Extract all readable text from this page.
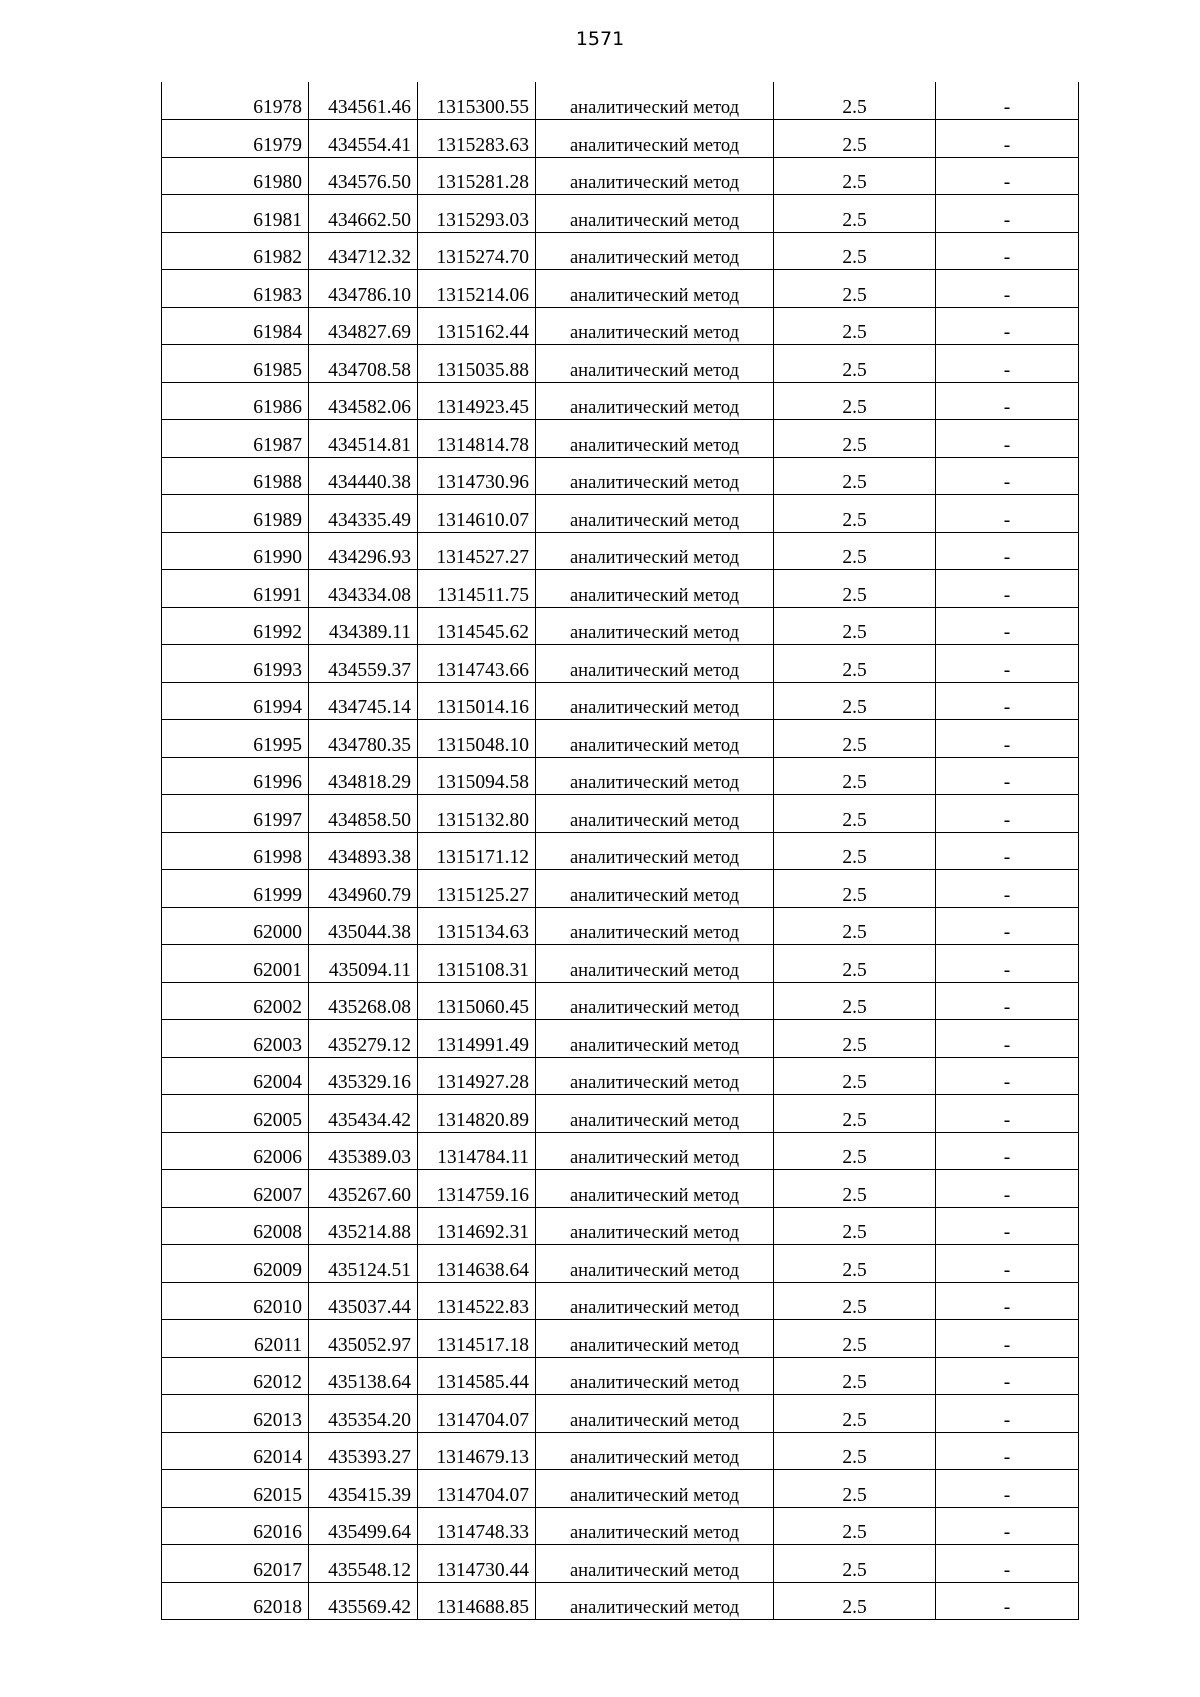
1571
61978	434561.46	1315300.55	аналитический метод	2.5	-
61979	434554.41	1315283.63	аналитический метод	2.5	-
61980	434576.50	1315281.28	аналитический метод	2.5	-
61981	434662.50	1315293.03	аналитический метод	2.5	-
61982	434712.32	1315274.70	аналитический метод	2.5	-
61983	434786.10	1315214.06	аналитический метод	2.5	-
61984	434827.69	1315162.44	аналитический метод	2.5	-
61985	434708.58	1315035.88	аналитический метод	2.5	-
61986	434582.06	1314923.45	аналитический метод	2.5	-
61987	434514.81	1314814.78	аналитический метод	2.5	-
61988	434440.38	1314730.96	аналитический метод	2.5	-
61989	434335.49	1314610.07	аналитический метод	2.5	-
61990	434296.93	1314527.27	аналитический метод	2.5	-
61991	434334.08	1314511.75	аналитический метод	2.5	-
61992	434389.11	1314545.62	аналитический метод	2.5	-
61993	434559.37	1314743.66	аналитический метод	2.5	-
61994	434745.14	1315014.16	аналитический метод	2.5	-
61995	434780.35	1315048.10	аналитический метод	2.5	-
61996	434818.29	1315094.58	аналитический метод	2.5	-
61997	434858.50	1315132.80	аналитический метод	2.5	-
61998	434893.38	1315171.12	аналитический метод	2.5	-
61999	434960.79	1315125.27	аналитический метод	2.5	-
62000	435044.38	1315134.63	аналитический метод	2.5	-
62001	435094.11	1315108.31	аналитический метод	2.5	-
62002	435268.08	1315060.45	аналитический метод	2.5	-
62003	435279.12	1314991.49	аналитический метод	2.5	-
62004	435329.16	1314927.28	аналитический метод	2.5	-
62005	435434.42	1314820.89	аналитический метод	2.5	-
62006	435389.03	1314784.11	аналитический метод	2.5	-
62007	435267.60	1314759.16	аналитический метод	2.5	-
62008	435214.88	1314692.31	аналитический метод	2.5	-
62009	435124.51	1314638.64	аналитический метод	2.5	-
62010	435037.44	1314522.83	аналитический метод	2.5	-
62011	435052.97	1314517.18	аналитический метод	2.5	-
62012	435138.64	1314585.44	аналитический метод	2.5	-
62013	435354.20	1314704.07	аналитический метод	2.5	-
62014	435393.27	1314679.13	аналитический метод	2.5	-
62015	435415.39	1314704.07	аналитический метод	2.5	-
62016	435499.64	1314748.33	аналитический метод	2.5	-
62017	435548.12	1314730.44	аналитический метод	2.5	-
62018	435569.42	1314688.85	аналитический метод	2.5	-
